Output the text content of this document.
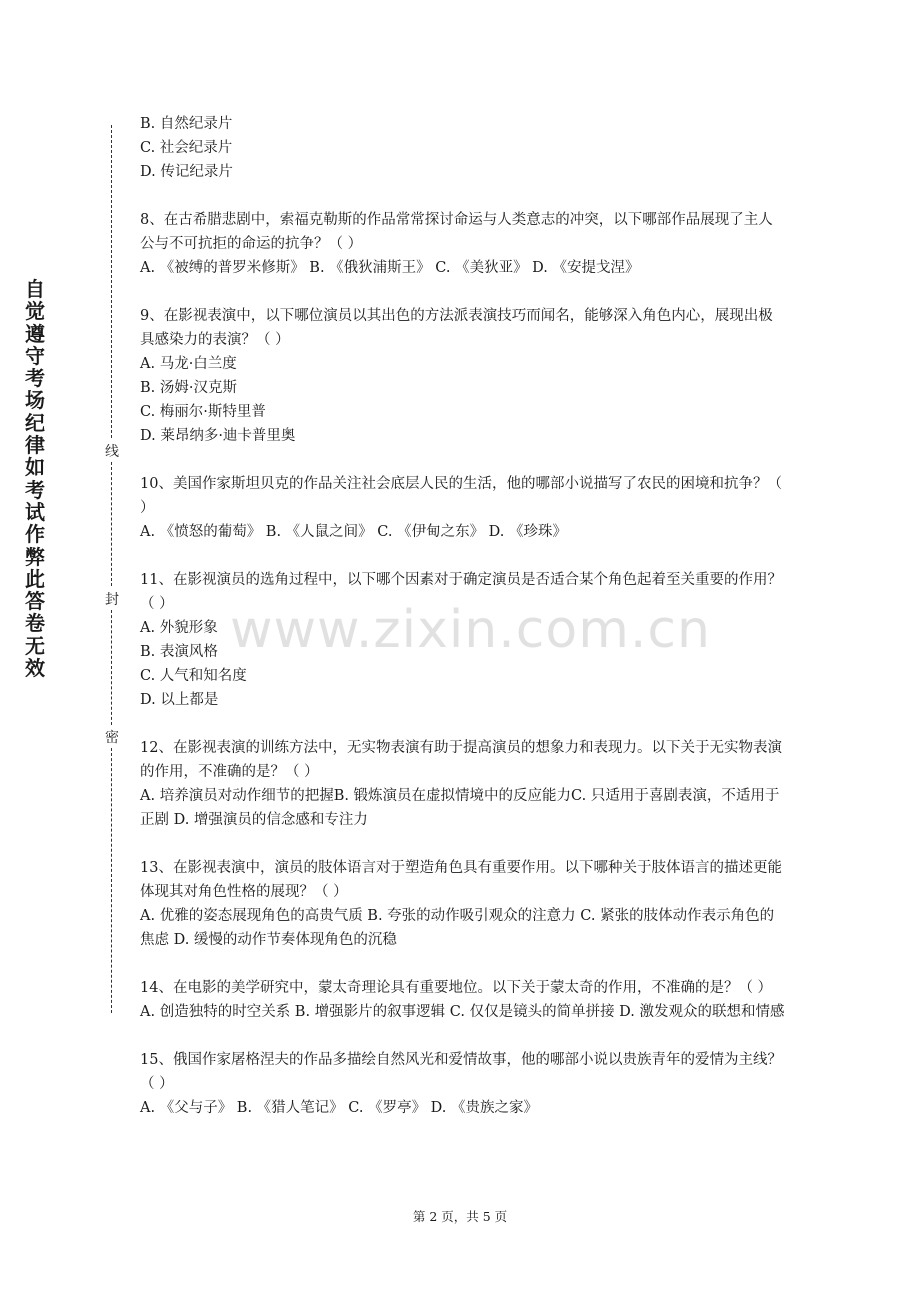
自觉遵守考场纪律如考试作弊此答卷无效
线
封
密
www.zixin.com.cn

B. 自然纪录片

C. 社会纪录片

D. 传记纪录片

8、在古希腊悲剧中，索福克勒斯的作品常常探讨命运与人类意志的冲突，以下哪部作品展现了主人公与不可抗拒的命运的抗争？（ ）

A. 《被缚的普罗米修斯》 B. 《俄狄浦斯王》 C. 《美狄亚》 D. 《安提戈涅》

9、在影视表演中，以下哪位演员以其出色的方法派表演技巧而闻名，能够深入角色内心，展现出极具感染力的表演？（ ）

A. 马龙·白兰度

B. 汤姆·汉克斯

C. 梅丽尔·斯特里普

D. 莱昂纳多·迪卡普里奥

10、美国作家斯坦贝克的作品关注社会底层人民的生活，他的哪部小说描写了农民的困境和抗争？（ ）

A. 《愤怒的葡萄》 B. 《人鼠之间》 C. 《伊甸之东》 D. 《珍珠》

11、在影视演员的选角过程中，以下哪个因素对于确定演员是否适合某个角色起着至关重要的作用？（ ）

A. 外貌形象

B. 表演风格

C. 人气和知名度

D. 以上都是

12、在影视表演的训练方法中，无实物表演有助于提高演员的想象力和表现力。以下关于无实物表演的作用，不准确的是？（ ）

A. 培养演员对动作细节的把握B. 锻炼演员在虚拟情境中的反应能力C. 只适用于喜剧表演，不适用于正剧 D. 增强演员的信念感和专注力

13、在影视表演中，演员的肢体语言对于塑造角色具有重要作用。以下哪种关于肢体语言的描述更能体现其对角色性格的展现？（ ）

A. 优雅的姿态展现角色的高贵气质 B. 夸张的动作吸引观众的注意力 C. 紧张的肢体动作表示角色的焦虑 D. 缓慢的动作节奏体现角色的沉稳

14、在电影的美学研究中，蒙太奇理论具有重要地位。以下关于蒙太奇的作用，不准确的是？（ ）

A. 创造独特的时空关系 B. 增强影片的叙事逻辑 C. 仅仅是镜头的简单拼接 D. 激发观众的联想和情感

15、俄国作家屠格涅夫的作品多描绘自然风光和爱情故事，他的哪部小说以贵族青年的爱情为主线？（ ）

A. 《父与子》 B. 《猎人笔记》 C. 《罗亭》 D. 《贵族之家》

第 2 页，共 5 页
